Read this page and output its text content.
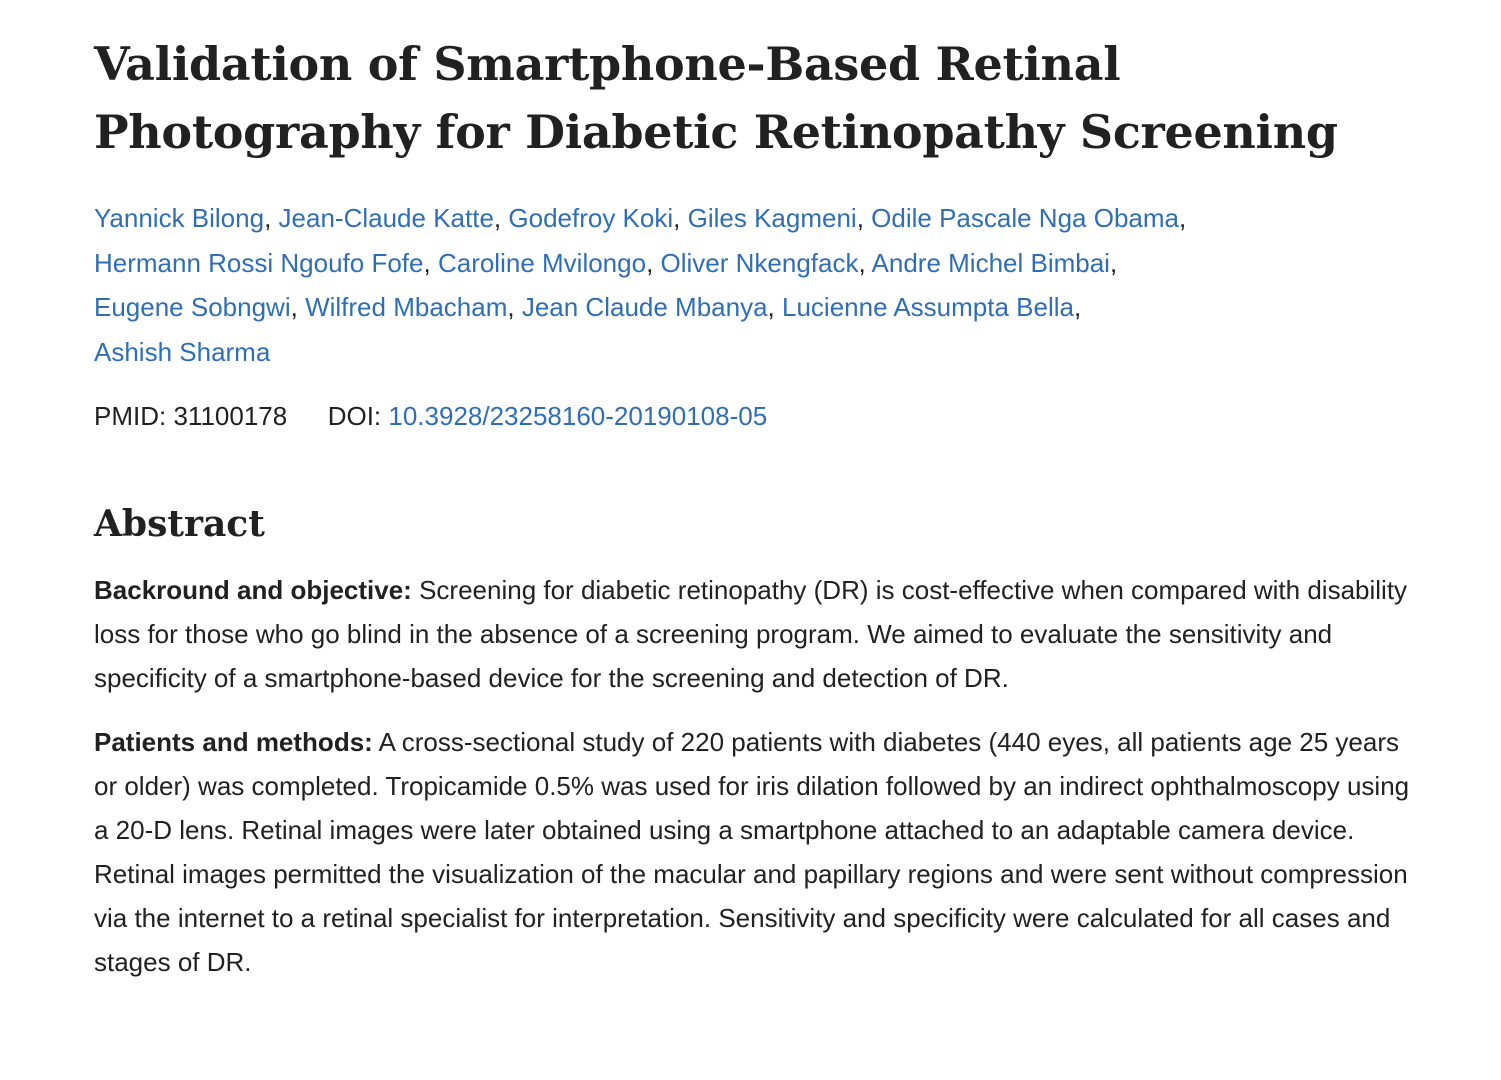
Validation of Smartphone-Based Retinal Photography for Diabetic Retinopathy Screening
Yannick Bilong, Jean-Claude Katte, Godefroy Koki, Giles Kagmeni, Odile Pascale Nga Obama,
Hermann Rossi Ngoufo Fofe, Caroline Mvilongo, Oliver Nkengfack, Andre Michel Bimbai,
Eugene Sobngwi, Wilfred Mbacham, Jean Claude Mbanya, Lucienne Assumpta Bella,
Ashish Sharma
PMID: 31100178 DOI: 10.3928/23258160-20190108-05
Abstract

Backround and objective: Screening for diabetic retinopathy (DR) is cost-effective when compared with disability loss for those who go blind in the absence of a screening program. We aimed to evaluate the sensitivity and specificity of a smartphone-based device for the screening and detection of DR.

Patients and methods: A cross-sectional study of 220 patients with diabetes (440 eyes, all patients age 25 years or older) was completed. Tropicamide 0.5% was used for iris dilation followed by an indirect ophthalmoscopy using a 20-D lens. Retinal images were later obtained using a smartphone attached to an adaptable camera device. Retinal images permitted the visualization of the macular and papillary regions and were sent without compression via the internet to a retinal specialist for interpretation. Sensitivity and specificity were calculated for all cases and stages of DR.
